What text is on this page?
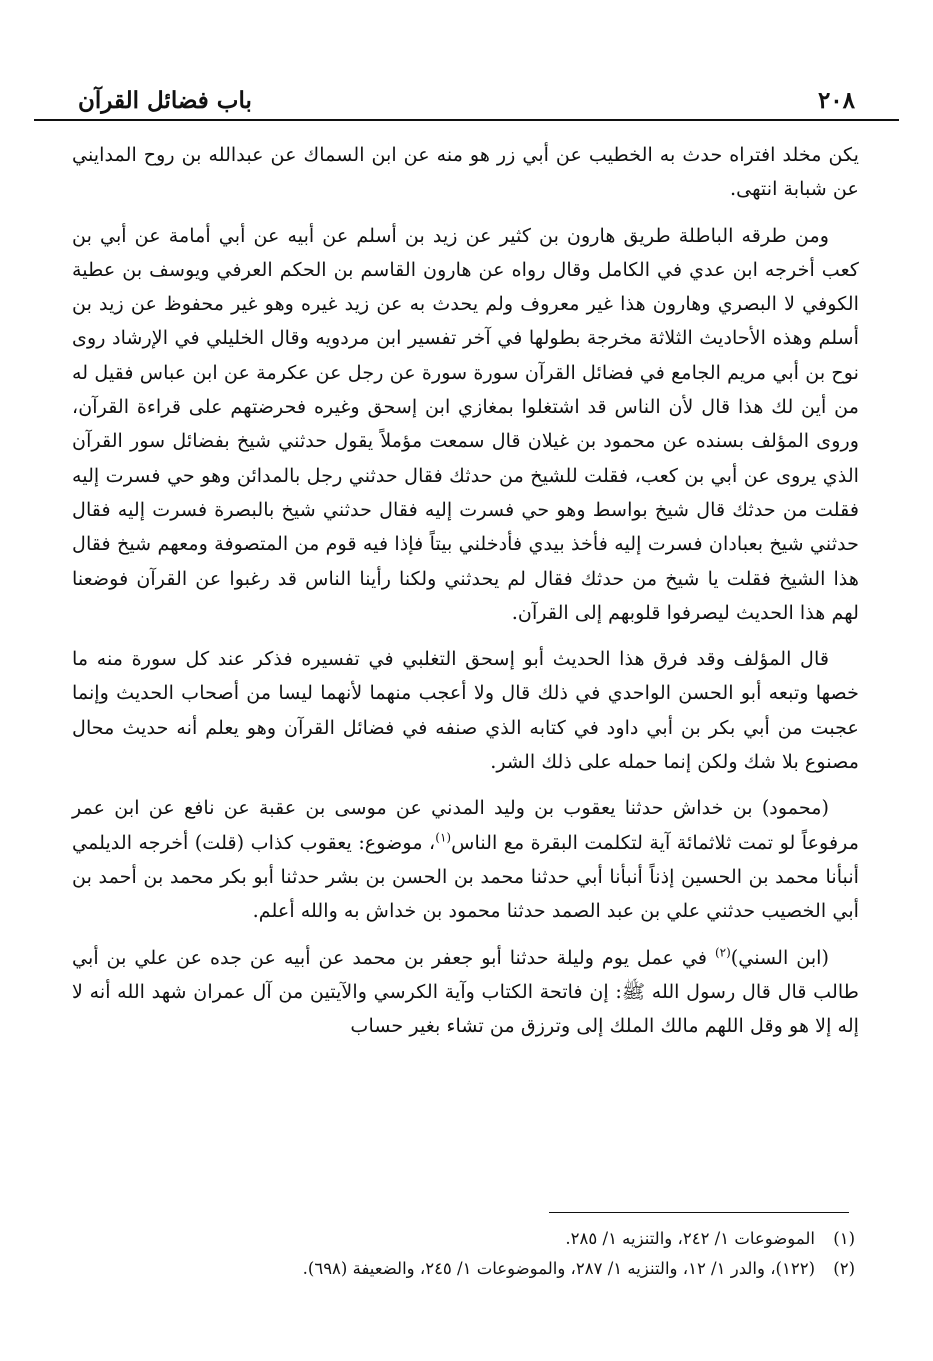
٢٠٨
باب فضائل القرآن

يكن مخلد افتراه حدث به الخطيب عن أبي زر هو منه عن ابن السماك عن عبدالله بن روح المدايني عن شبابة انتهى.

ومن طرقه الباطلة طريق هارون بن كثير عن زيد بن أسلم عن أبيه عن أبي أمامة عن أبي بن كعب أخرجه ابن عدي في الكامل وقال رواه عن هارون القاسم بن الحكم العرفي ويوسف بن عطية الكوفي لا البصري وهارون هذا غير معروف ولم يحدث به عن زيد غيره وهو غير محفوظ عن زيد بن أسلم وهذه الأحاديث الثلاثة مخرجة بطولها في آخر تفسير ابن مردويه وقال الخليلي في الإرشاد روى نوح بن أبي مريم الجامع في فضائل القرآن سورة سورة عن رجل عن عكرمة عن ابن عباس فقيل له من أين لك هذا قال لأن الناس قد اشتغلوا بمغازي ابن إسحق وغيره فحرضتهم على قراءة القرآن، وروى المؤلف بسنده عن محمود بن غيلان قال سمعت مؤملاً يقول حدثني شيخ بفضائل سور القرآن الذي يروى عن أبي بن كعب، فقلت للشيخ من حدثك فقال حدثني رجل بالمدائن وهو حي فسرت إليه فقلت من حدثك قال شيخ بواسط وهو حي فسرت إليه فقال حدثني شيخ بالبصرة فسرت إليه فقال حدثني شيخ بعبادان فسرت إليه فأخذ بيدي فأدخلني بيتاً فإذا فيه قوم من المتصوفة ومعهم شيخ فقال هذا الشيخ فقلت يا شيخ من حدثك فقال لم يحدثني ولكنا رأينا الناس قد رغبوا عن القرآن فوضعنا لهم هذا الحديث ليصرفوا قلوبهم إلى القرآن.

قال المؤلف وقد فرق هذا الحديث أبو إسحق التغلبي في تفسيره فذكر عند كل سورة منه ما خصها وتبعه أبو الحسن الواحدي في ذلك قال ولا أعجب منهما لأنهما ليسا من أصحاب الحديث وإنما عجبت من أبي بكر بن أبي داود في كتابه الذي صنفه في فضائل القرآن وهو يعلم أنه حديث محال مصنوع بلا شك ولكن إنما حمله على ذلك الشر.

(محمود) بن خداش حدثنا يعقوب بن وليد المدني عن موسى بن عقبة عن نافع عن ابن عمر مرفوعاً لو تمت ثلاثمائة آية لتكلمت البقرة مع الناس$^{(١)}$، موضوع: يعقوب كذاب (قلت) أخرجه الديلمي أنبأنا محمد بن الحسين إذناً أنبأنا أبي حدثنا محمد بن الحسن بن بشر حدثنا أبو بكر محمد بن أحمد بن أبي الخصيب حدثني علي بن عبد الصمد حدثنا محمود بن خداش به والله أعلم.

(ابن السني)$^{(٢)}$ في عمل يوم وليلة حدثنا أبو جعفر بن محمد عن أبيه عن جده عن علي بن أبي طالب قال قال رسول الله ﷺ: إن فاتحة الكتاب وآية الكرسي والآيتين من آل عمران شهد الله أنه لا إله إلا هو وقل اللهم مالك الملك إلى وترزق من تشاء بغير حساب

(١)
الموضوعات ١/ ٢٤٢، والتنزيه ١/ ٢٨٥.
(٢)
(١٢٢)، والدر ١/ ١٢، والتنزيه ١/ ٢٨٧، والموضوعات ١/ ٢٤٥، والضعيفة (٦٩٨).
